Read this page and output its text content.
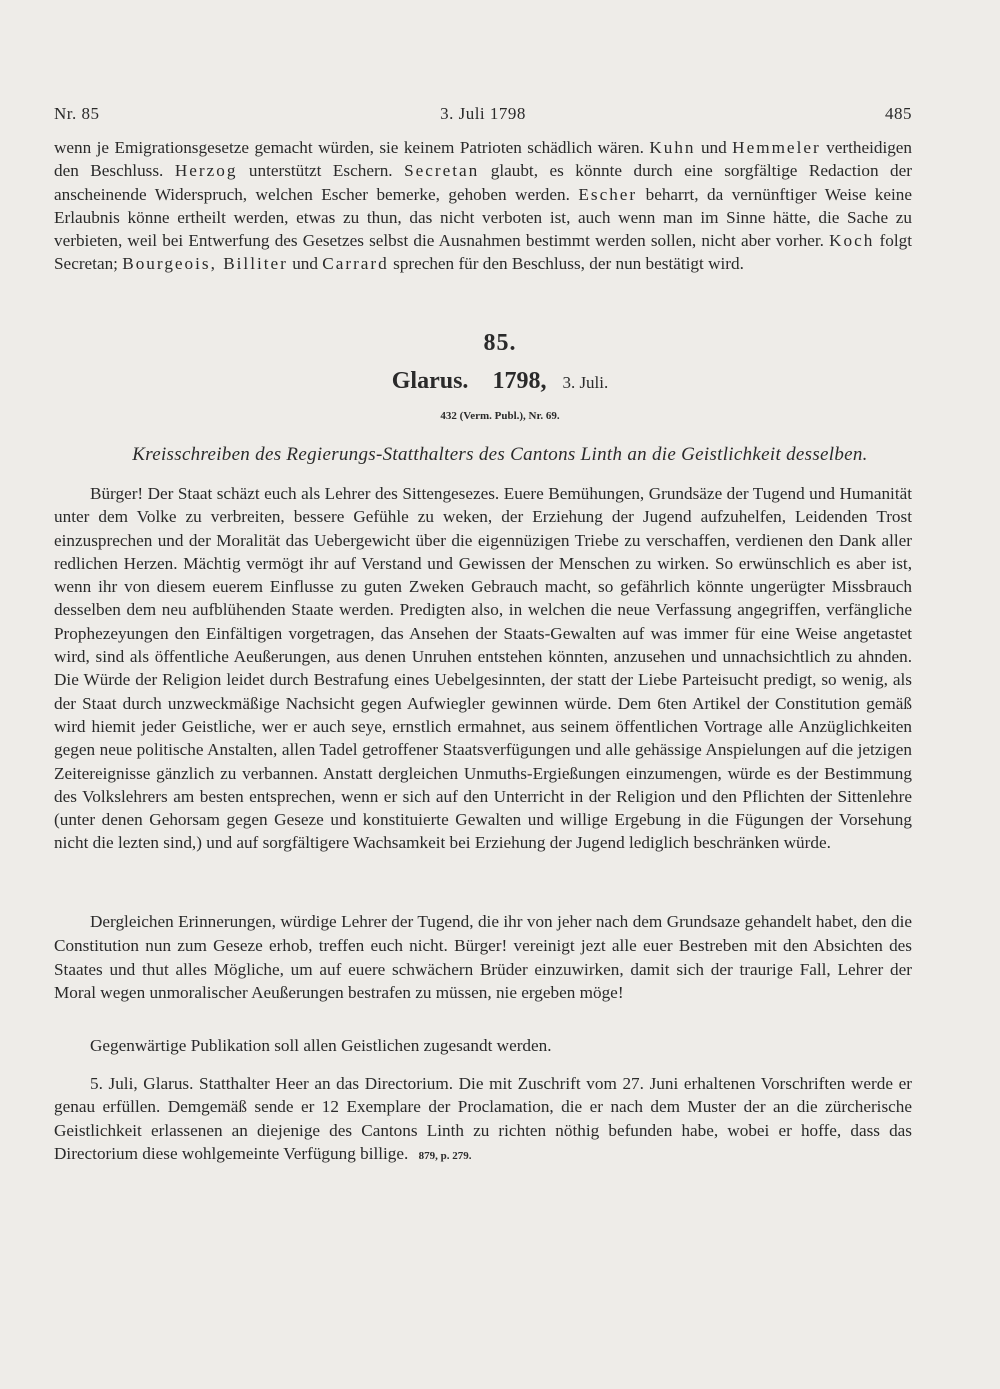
Nr. 85	3. Juli 1798	485

wenn je Emigrationsgesetze gemacht würden, sie keinem Patrioten schädlich wären. Kuhn und Hemmeler vertheidigen den Beschluss. Herzog unterstützt Eschern. Secretan glaubt, es könnte durch eine sorgfältige Redaction der anscheinende Widerspruch, welchen Escher bemerke, gehoben werden. Escher beharrt, da vernünftiger Weise keine Erlaubnis könne ertheilt werden, etwas zu thun, das nicht verboten ist, auch wenn man im Sinne hätte, die Sache zu verbieten, weil bei Entwerfung des Gesetzes selbst die Ausnahmen bestimmt werden sollen, nicht aber vorher. Koch folgt Secretan; Bourgeois, Billiter und Carrard sprechen für den Beschluss, der nun bestätigt wird.

85.
Glarus. 1798, 3. Juli.
432 (Verm. Publ.), Nr. 69.
Kreisschreiben des Regierungs-Statthalters des Cantons Linth an die Geistlichkeit desselben.

Bürger! Der Staat schäzt euch als Lehrer des Sittengesezes. Euere Bemühungen, Grundsäze der Tugend und Humanität unter dem Volke zu verbreiten, bessere Gefühle zu weken, der Erziehung der Jugend aufzuhelfen, Leidenden Trost einzusprechen und der Moralität das Uebergewicht über die eigennüzigen Triebe zu verschaffen, verdienen den Dank aller redlichen Herzen. Mächtig vermögt ihr auf Verstand und Gewissen der Menschen zu wirken. So erwünschlich es aber ist, wenn ihr von diesem euerem Einflusse zu guten Zweken Gebrauch macht, so gefährlich könnte ungerügter Missbrauch desselben dem neu aufblühenden Staate werden. Predigten also, in welchen die neue Verfassung angegriffen, verfängliche Prophezeyungen den Einfältigen vorgetragen, das Ansehen der Staats-Gewalten auf was immer für eine Weise angetastet wird, sind als öffentliche Aeußerungen, aus denen Unruhen entstehen könnten, anzusehen und unnachsichtlich zu ahnden. Die Würde der Religion leidet durch Bestrafung eines Uebelgesinnten, der statt der Liebe Parteisucht predigt, so wenig, als der Staat durch unzweckmäßige Nachsicht gegen Aufwiegler gewinnen würde. Dem 6ten Artikel der Constitution gemäß wird hiemit jeder Geistliche, wer er auch seye, ernstlich ermahnet, aus seinem öffentlichen Vortrage alle Anzüglichkeiten gegen neue politische Anstalten, allen Tadel getroffener Staatsverfügungen und alle gehässige Anspielungen auf die jetzigen Zeitereignisse gänzlich zu verbannen. Anstatt dergleichen Unmuths-Ergießungen einzumengen, würde es der Bestimmung des Volkslehrers am besten entsprechen, wenn er sich auf den Unterricht in der Religion und den Pflichten der Sittenlehre (unter denen Gehorsam gegen Geseze und konstituierte Gewalten und willige Ergebung in die Fügungen der Vorsehung nicht die lezten sind,) und auf sorgfältigere Wachsamkeit bei Erziehung der Jugend lediglich beschränken würde.

Dergleichen Erinnerungen, würdige Lehrer der Tugend, die ihr von jeher nach dem Grundsaze gehandelt habet, den die Constitution nun zum Geseze erhob, treffen euch nicht. Bürger! vereinigt jezt alle euer Bestreben mit den Absichten des Staates und thut alles Mögliche, um auf euere schwächern Brüder einzuwirken, damit sich der traurige Fall, Lehrer der Moral wegen unmoralischer Aeußerungen bestrafen zu müssen, nie ergeben möge!

Gegenwärtige Publikation soll allen Geistlichen zugesandt werden.

5. Juli, Glarus. Statthalter Heer an das Directorium. Die mit Zuschrift vom 27. Juni erhaltenen Vorschriften werde er genau erfüllen. Demgemäß sende er 12 Exemplare der Proclamation, die er nach dem Muster der an die zürcherische Geistlichkeit erlassenen an diejenige des Cantons Linth zu richten nöthig befunden habe, wobei er hoffe, dass das Directorium diese wohlgemeinte Verfügung billige. 879, p. 279.
